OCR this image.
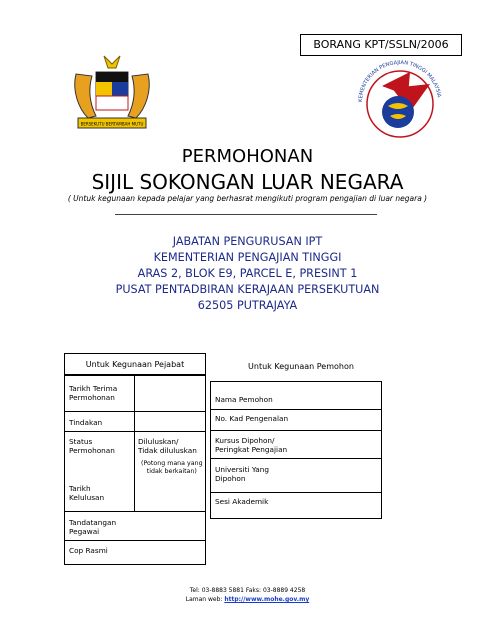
BORANG KPT/SSLN/2006
BERSEKUTU BERTAMBAH MUTU
KEMENTERIAN PENGAJIAN TINGGI MALAYSIA
PERMOHONAN
SIJIL SOKONGAN LUAR NEGARA
( Untuk kegunaan kepada pelajar yang berhasrat mengikuti program pengajian di luar negara )
JABATAN PENGURUSAN IPT
KEMENTERIAN PENGAJIAN TINGGI
ARAS 2, BLOK E9, PARCEL E, PRESINT 1
PUSAT PENTADBIRAN KERAJAAN PERSEKUTUAN
62505 PUTRAJAYA
Untuk Kegunaan Pejabat
Tarikh Terima
Permohonan
Tindakan
Status
Permohonan
Diluluskan/
Tidak diluluskan
(Potong mana yang
tidak berkaitan)
Tarikh
Kelulusan
Tandatangan
Pegawai
Cop Rasmi
Untuk Kegunaan Pemohon
Nama Pemohon
No. Kad Pengenalan
Kursus Dipohon/
Peringkat Pengajian
Universiti Yang
Dipohon
Sesi Akademik
Tel: 03-8883 5881 Faks: 03-8889 4258
Laman web: http://www.mohe.gov.my
